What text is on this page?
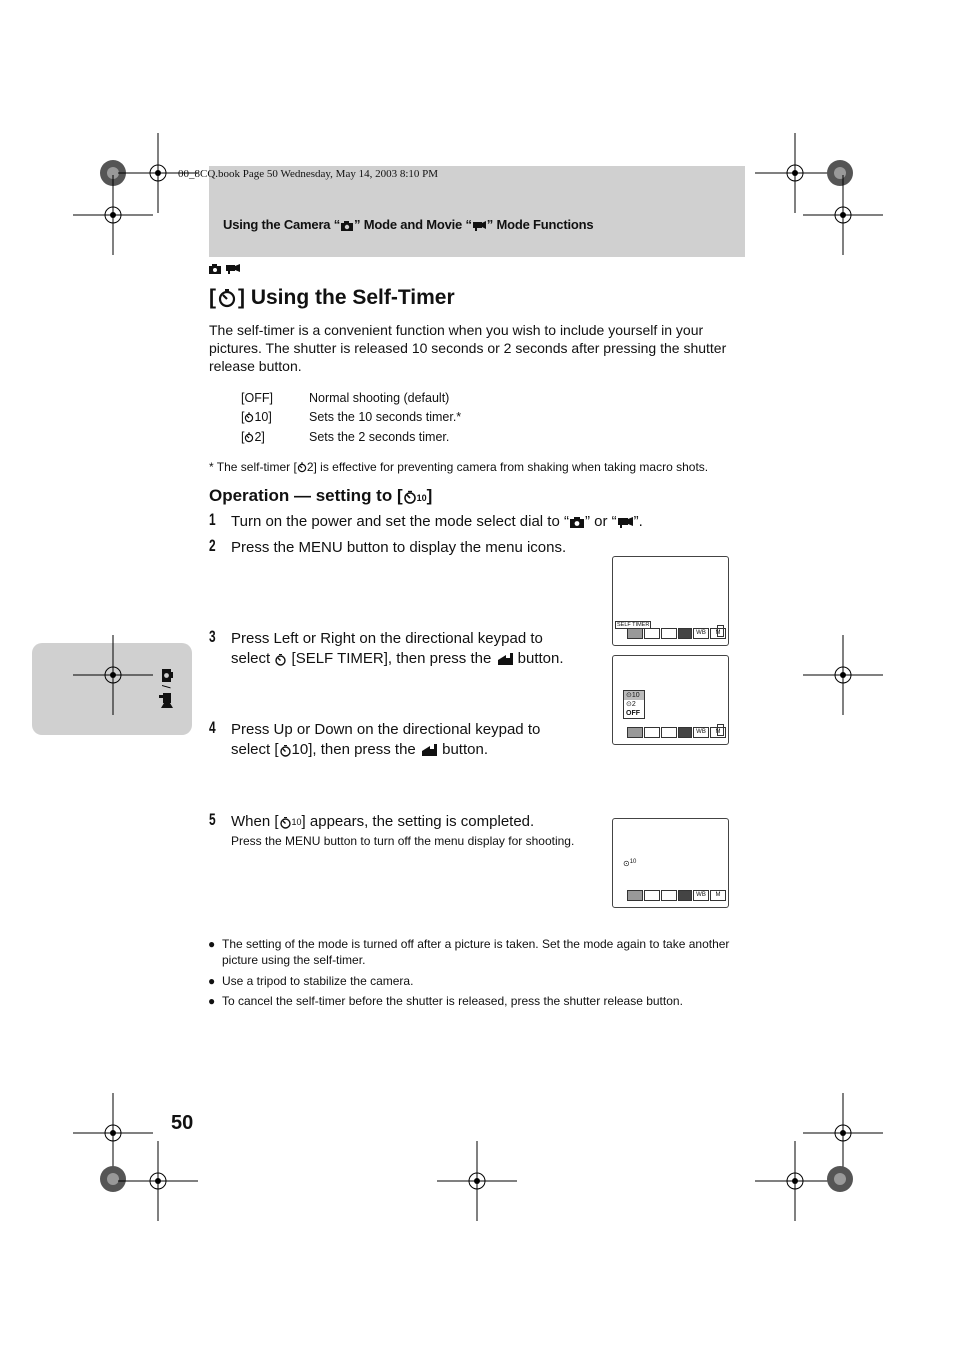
/
00_8CQ.book Page 50 Wednesday, May 14, 2003 8:10 PM
Using the Camera “ ” Mode and Movie “ ” Mode Functions
[ ] Using the Self-Timer
The self-timer is a convenient function when you wish to include yourself in your pictures. The shutter is released 10 seconds or 2 seconds after pressing the shutter release button.
[OFF]	Normal shooting (default)
[ 10]	Sets the 10 seconds timer.*
[ 2]	Sets the 2 seconds timer.
* The self-timer [ 2] is effective for preventing camera from shaking when taking macro shots.
Operation — setting to [ 10]
1 Turn on the power and set the mode select dial to “ ” or “ ”.
2 Press the MENU button to display the menu icons.
3 Press Left or Right on the directional keypad to
select  [SELF TIMER], then press the  button.
4 Press Up or Down on the directional keypad to
select [ 10], then press the  button.
5 When [ $^{10}$] appears, the setting is completed.
Press the MENU button to turn off the menu display for shooting.
SELF TIMER
WB	M
⊙10
⊙2
OFF
WB	M
⊙$^{10}$
WB	M
● The setting of the mode is turned off after a picture is taken. Set the mode again to take another picture using the self-timer.
● Use a tripod to stabilize the camera.
● To cancel the self-timer before the shutter is released, press the shutter release button.
50
